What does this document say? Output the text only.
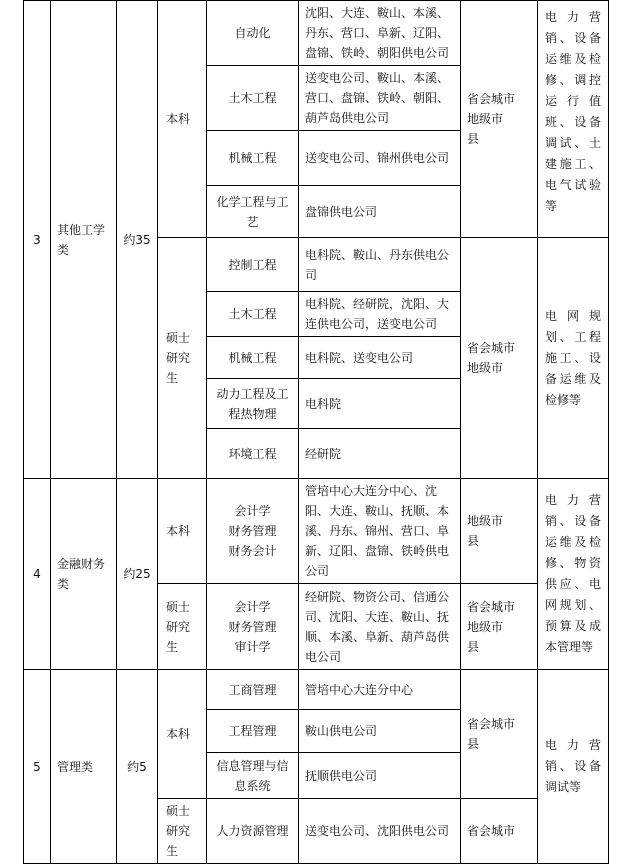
3	其他工学类	约35	本科	自动化	沈阳、大连、鞍山、本溪、丹东、营口、阜新、辽阳、盘锦、铁岭、朝阳供电公司	省会城市
地级市
县	电力营销、设备运维及检修、调控运行值班、设备调试、土建施工、电气试验等
				土木工程	送变电公司、鞍山、本溪、营口、盘锦、铁岭、朝阳、葫芦岛供电公司		
				机械工程	送变电公司、锦州供电公司		
				化学工程与工艺	盘锦供电公司		
			硕士研究生	控制工程	电科院、鞍山、丹东供电公司	省会城市
地级市	电网规划、工程施工、设备运维及检修等
				土木工程	电科院、经研院，沈阳、大连供电公司，送变电公司		
				机械工程	电科院、送变电公司		
				动力工程及工程热物理	电科院		
				环境工程	经研院		
4	金融财务类	约25	本科	会计学
财务管理
财务会计	管培中心大连分中心、沈阳、大连、鞍山、抚顺、本溪、丹东、锦州、营口、阜新、辽阳、盘锦、铁岭供电公司	地级市
县	电力营销、设备运维及检修、物资供应、电网规划、预算及成本管理等
			硕士研究生	会计学
财务管理
审计学	经研院、物资公司、信通公司、沈阳、大连、鞍山、抚顺、本溪、阜新、葫芦岛供电公司	省会城市
地级市
县	
5	管理类	约5	本科	工商管理	管培中心大连分中心	省会城市
县	电力营销、设备调试等
				工程管理	鞍山供电公司		
				信息管理与信息系统	抚顺供电公司		
			硕士研究生	人力资源管理	送变电公司、沈阳供电公司	省会城市	
